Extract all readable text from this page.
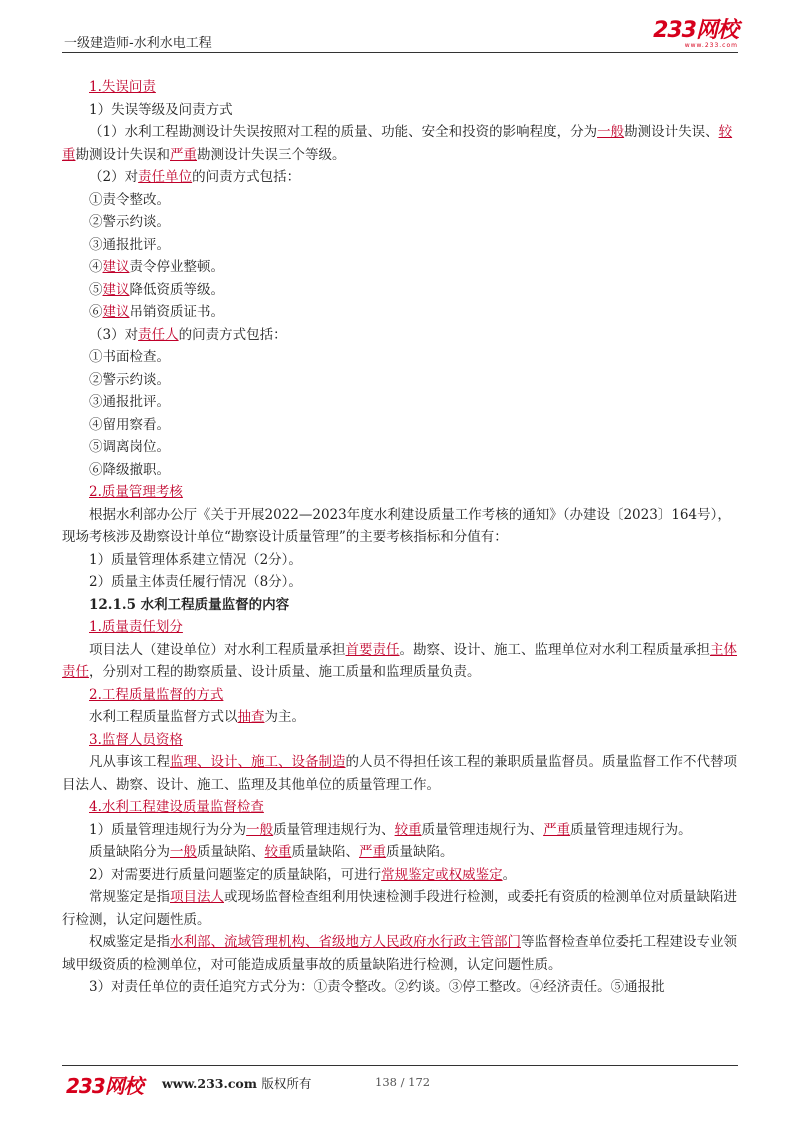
一级建造师-水利水电工程
233网校
www.233.com

1.失误问责

1）失误等级及问责方式

（1）水利工程勘测设计失误按照对工程的质量、功能、安全和投资的影响程度，分为一般勘测设计失误、较重勘测设计失误和严重勘测设计失误三个等级。

（2）对责任单位的问责方式包括：

①责令整改。

②警示约谈。

③通报批评。

④建议责令停业整顿。

⑤建议降低资质等级。

⑥建议吊销资质证书。

（3）对责任人的问责方式包括：

①书面检查。

②警示约谈。

③通报批评。

④留用察看。

⑤调离岗位。

⑥降级撤职。

2.质量管理考核

根据水利部办公厅《关于开展2022—2023年度水利建设质量工作考核的通知》（办建设〔2023〕164号），现场考核涉及勘察设计单位“勘察设计质量管理”的主要考核指标和分值有：

1）质量管理体系建立情况（2分）。

2）质量主体责任履行情况（8分）。

12.1.5 水利工程质量监督的内容

1.质量责任划分

项目法人（建设单位）对水利工程质量承担首要责任。勘察、设计、施工、监理单位对水利工程质量承担主体责任，分别对工程的勘察质量、设计质量、施工质量和监理质量负责。

2.工程质量监督的方式

水利工程质量监督方式以抽查为主。

3.监督人员资格

凡从事该工程监理、设计、施工、设备制造的人员不得担任该工程的兼职质量监督员。质量监督工作不代替项目法人、勘察、设计、施工、监理及其他单位的质量管理工作。

4.水利工程建设质量监督检查

1）质量管理违规行为分为一般质量管理违规行为、较重质量管理违规行为、严重质量管理违规行为。

质量缺陷分为一般质量缺陷、较重质量缺陷、严重质量缺陷。

2）对需要进行质量问题鉴定的质量缺陷，可进行常规鉴定或权威鉴定。

常规鉴定是指项目法人或现场监督检查组利用快速检测手段进行检测，或委托有资质的检测单位对质量缺陷进行检测，认定问题性质。

权威鉴定是指水利部、流域管理机构、省级地方人民政府水行政主管部门等监督检查单位委托工程建设专业领域甲级资质的检测单位，对可能造成质量事故的质量缺陷进行检测，认定问题性质。

3）对责任单位的责任追究方式分为：①责令整改。②约谈。③停工整改。④经济责任。⑤通报批

233网校 www.233.com 版权所有	138 / 172
